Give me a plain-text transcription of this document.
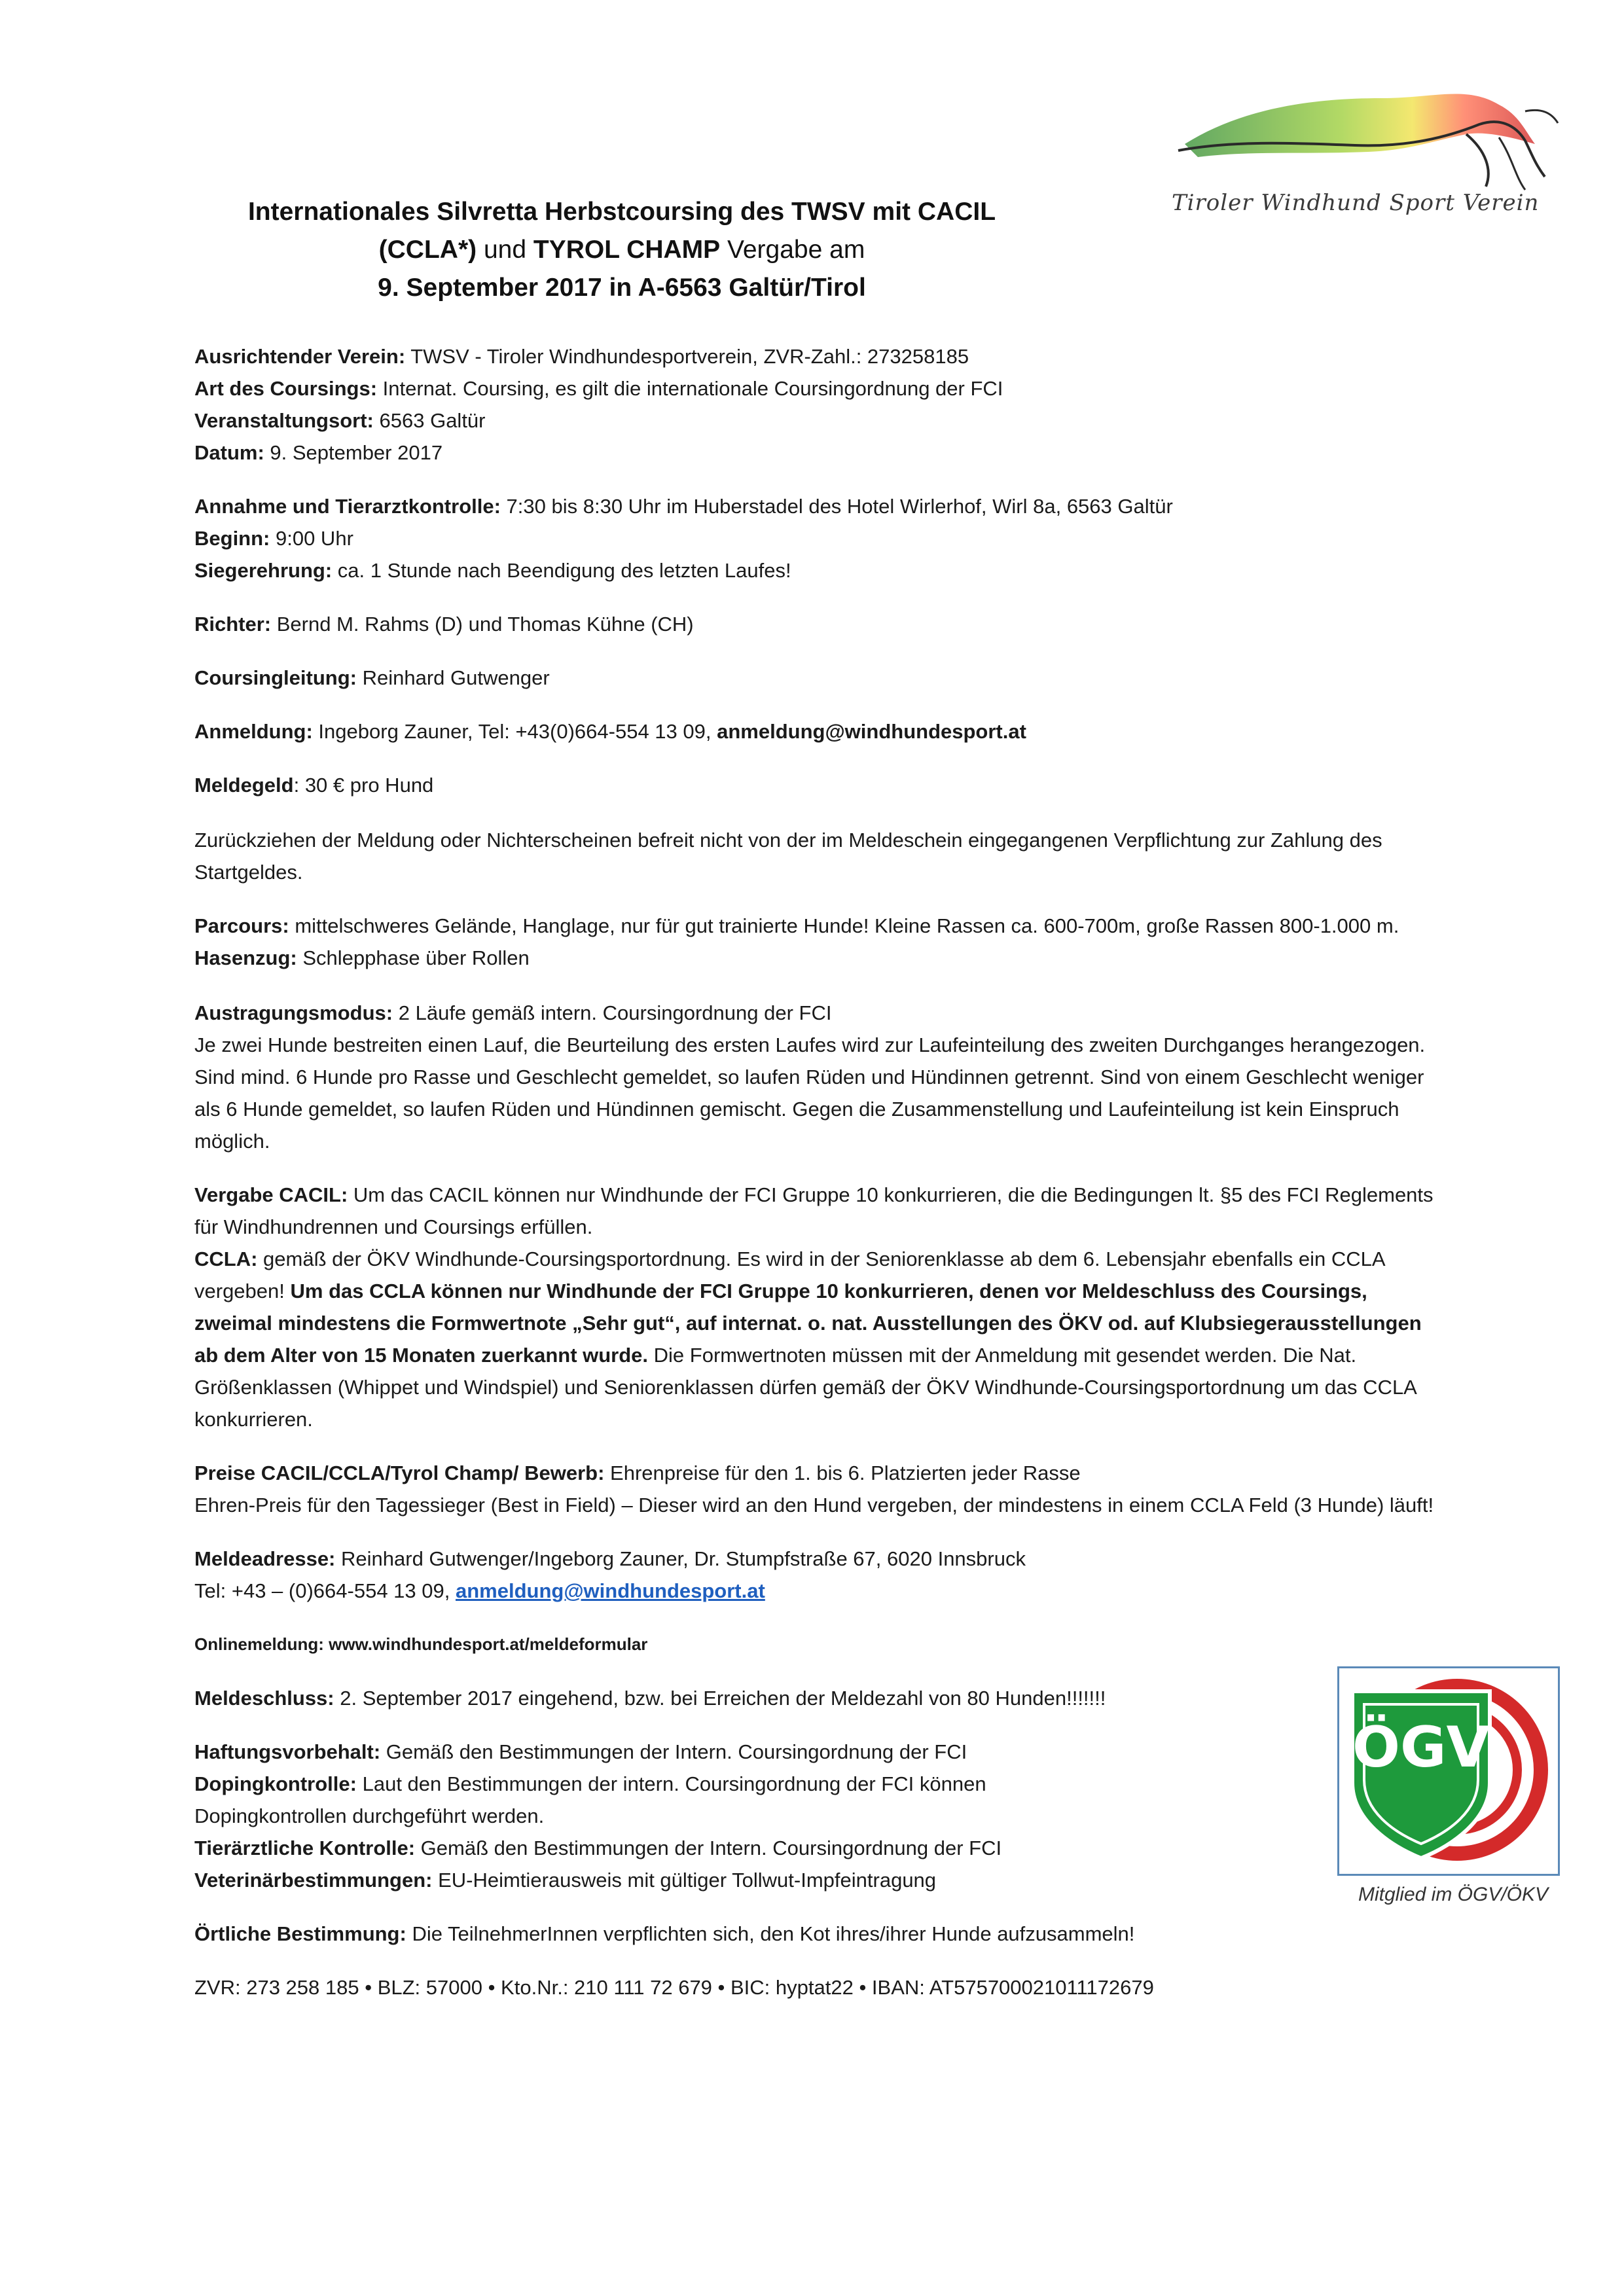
Tiroler Windhund Sport Verein
Internationales Silvretta Herbstcoursing des TWSV mit CACIL
(CCLA*) und TYROL CHAMP Vergabe am
9. September 2017 in A-6563 Galtür/Tirol

Ausrichtender Verein: TWSV - Tiroler Windhundesportverein, ZVR-Zahl.: 273258185

Art des Coursings: Internat. Coursing, es gilt die internationale Coursingordnung der FCI

Veranstaltungsort: 6563 Galtür

Datum: 9. September 2017

Annahme und Tierarztkontrolle: 7:30 bis 8:30 Uhr im Huberstadel des Hotel Wirlerhof, Wirl 8a, 6563 Galtür

Beginn: 9:00 Uhr

Siegerehrung: ca. 1 Stunde nach Beendigung des letzten Laufes!

Richter: Bernd M. Rahms (D) und Thomas Kühne (CH)

Coursingleitung: Reinhard Gutwenger

Anmeldung: Ingeborg Zauner, Tel: +43(0)664-554 13 09, anmeldung@windhundesport.at

Meldegeld: 30 € pro Hund

Zurückziehen der Meldung oder Nichterscheinen befreit nicht von der im Meldeschein eingegangenen Verpflichtung zur Zahlung des Startgeldes.

Parcours: mittelschweres Gelände, Hanglage, nur für gut trainierte Hunde! Kleine Rassen ca. 600-700m, große Rassen 800-1.000 m.

Hasenzug: Schlepphase über Rollen

Austragungsmodus: 2 Läufe gemäß intern. Coursingordnung der FCI

Je zwei Hunde bestreiten einen Lauf, die Beurteilung des ersten Laufes wird zur Laufeinteilung des zweiten Durchganges herangezogen. Sind mind. 6 Hunde pro Rasse und Geschlecht gemeldet, so laufen Rüden und Hündinnen getrennt. Sind von einem Geschlecht weniger als 6 Hunde gemeldet, so laufen Rüden und Hündinnen gemischt. Gegen die Zusammenstellung und Laufeinteilung ist kein Einspruch möglich.

Vergabe CACIL: Um das CACIL können nur Windhunde der FCI Gruppe 10 konkurrieren, die die Bedingungen lt. §5 des FCI Reglements für Windhundrennen und Coursings erfüllen.

CCLA: gemäß der ÖKV Windhunde-Coursingsportordnung. Es wird in der Seniorenklasse ab dem 6. Lebensjahr ebenfalls ein CCLA vergeben! Um das CCLA können nur Windhunde der FCI Gruppe 10 konkurrieren, denen vor Meldeschluss des Coursings, zweimal mindestens die Formwertnote „Sehr gut“, auf internat. o. nat. Ausstellungen des ÖKV od. auf Klubsiegerausstellungen ab dem Alter von 15 Monaten zuerkannt wurde. Die Formwertnoten müssen mit der Anmeldung mit gesendet werden. Die Nat. Größenklassen (Whippet und Windspiel) und Seniorenklassen dürfen gemäß der ÖKV Windhunde-Coursingsportordnung um das CCLA konkurrieren.

Preise CACIL/CCLA/Tyrol Champ/ Bewerb: Ehrenpreise für den 1. bis 6. Platzierten jeder Rasse

Ehren-Preis für den Tagessieger (Best in Field) – Dieser wird an den Hund vergeben, der mindestens in einem CCLA Feld (3 Hunde) läuft!

Meldeadresse: Reinhard Gutwenger/Ingeborg Zauner, Dr. Stumpfstraße 67, 6020 Innsbruck

Tel: +43 – (0)664-554 13 09, anmeldung@windhundesport.at

Onlinemeldung: www.windhundesport.at/meldeformular

Meldeschluss: 2. September 2017 eingehend, bzw. bei Erreichen der Meldezahl von 80 Hunden!!!!!!!

Haftungsvorbehalt: Gemäß den Bestimmungen der Intern. Coursingordnung der FCI

Dopingkontrolle: Laut den Bestimmungen der intern. Coursingordnung der FCI können

Dopingkontrollen durchgeführt werden.

Tierärztliche Kontrolle: Gemäß den Bestimmungen der Intern. Coursingordnung der FCI

Veterinärbestimmungen: EU-Heimtierausweis mit gültiger Tollwut-Impfeintragung

Örtliche Bestimmung: Die TeilnehmerInnen verpflichten sich, den Kot ihres/ihrer Hunde aufzusammeln!

ZVR: 273 258 185 • BLZ: 57000 • Kto.Nr.: 210 111 72 679 • BIC: hyptat22 • IBAN: AT575700021011172679

ÖGV
Mitglied im ÖGV/ÖKV
